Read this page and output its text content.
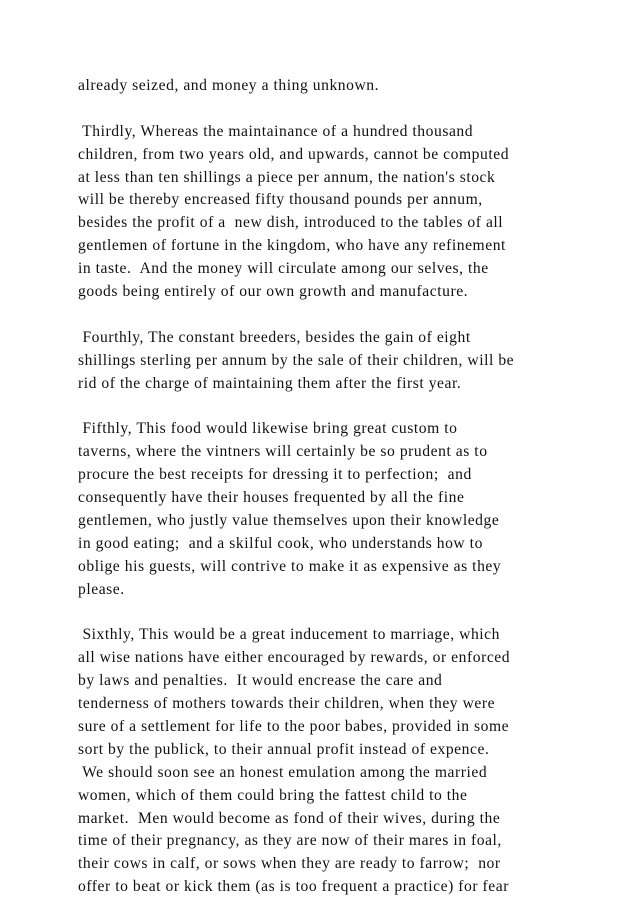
already seized, and money a thing unknown.
Thirdly, Whereas the maintainance of a hundred thousand
children, from two years old, and upwards, cannot be computed
at less than ten shillings a piece per annum, the nation's stock
will be thereby encreased fifty thousand pounds per annum,
besides the profit of a  new dish, introduced to the tables of all
gentlemen of fortune in the kingdom, who have any refinement
in taste.  And the money will circulate among our selves, the
goods being entirely of our own growth and manufacture.
Fourthly, The constant breeders, besides the gain of eight
shillings sterling per annum by the sale of their children, will be
rid of the charge of maintaining them after the first year.
Fifthly, This food would likewise bring great custom to
taverns, where the vintners will certainly be so prudent as to
procure the best receipts for dressing it to perfection;  and
consequently have their houses frequented by all the fine
gentlemen, who justly value themselves upon their knowledge
in good eating;  and a skilful cook, who understands how to
oblige his guests, will contrive to make it as expensive as they
please.
Sixthly, This would be a great inducement to marriage, which
all wise nations have either encouraged by rewards, or enforced
by laws and penalties.  It would encrease the care and
tenderness of mothers towards their children, when they were
sure of a settlement for life to the poor babes, provided in some
sort by the publick, to their annual profit instead of expence.
We should soon see an honest emulation among the married
women, which of them could bring the fattest child to the
market.  Men would become as fond of their wives, during the
time of their pregnancy, as they are now of their mares in foal,
their cows in calf, or sows when they are ready to farrow;  nor
offer to beat or kick them (as is too frequent a practice) for fear
